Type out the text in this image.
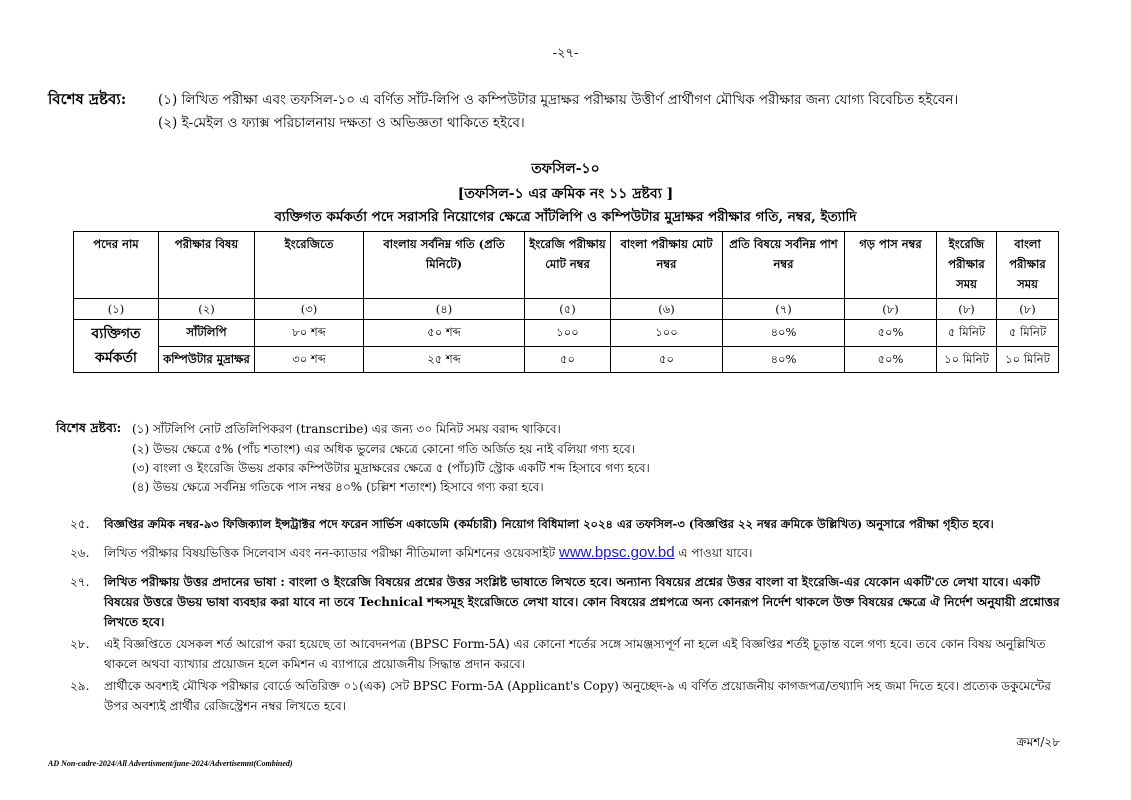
-২৭-
বিশেষ দ্রষ্টব্য: (১) লিখিত পরীক্ষা এবং তফসিল-১০ এ বর্ণিত সাঁট-লিপি ও কম্পিউটার মুদ্রাক্ষর পরীক্ষায় উত্তীর্ণ প্রার্থীগণ মৌখিক পরীক্ষার জন্য যোগ্য বিবেচিত হইবেন।
(২) ই-মেইল ও ফ্যাক্স পরিচালনায় দক্ষতা ও অভিজ্ঞতা থাকিতে হইবে।
তফসিল-১০
[তফসিল-১ এর ক্রমিক নং ১১ দ্রষ্টব্য ]
ব্যক্তিগত কর্মকর্তা পদে সরাসরি নিয়োগের ক্ষেত্রে সাঁটলিপি ও কম্পিউটার মুদ্রাক্ষর পরীক্ষার গতি, নম্বর, ইত্যাদি
পদের নাম	পরীক্ষার বিষয়	ইংরেজিতে	বাংলায় সর্বনিম্ন গতি (প্রতি মিনিটে)	ইংরেজি পরীক্ষায় মোট নম্বর	বাংলা পরীক্ষায় মোট নম্বর	প্রতি বিষয়ে সর্বনিম্ন পাশ নম্বর	গড় পাস নম্বর	ইংরেজি পরীক্ষার সময়	বাংলা পরীক্ষার সময়
(১)	(২)	(৩)	(৪)	(৫)	(৬)	(৭)	(৮)	(৮)	(৮)
ব্যক্তিগত কর্মকর্তা	সাঁটলিপি	৮০ শব্দ	৫০ শব্দ	১০০	১০০	৪০%	৫০%	৫ মিনিট	৫ মিনিট
	কম্পিউটার মুদ্রাক্ষর	৩০ শব্দ	২৫ শব্দ	৫০	৫০	৪০%	৫০%	১০ মিনিট	১০ মিনিট
বিশেষ দ্রষ্টব্য: (১) সাঁটলিপি নোট প্রতিলিপিকরণ (transcribe) এর জন্য ৩০ মিনিট সময় বরাদ্দ থাকিবে।
(২) উভয় ক্ষেত্রে ৫% (পাঁচ শতাংশ) এর অধিক ভুলের ক্ষেত্রে কোনো গতি অর্জিত হয় নাই বলিয়া গণ্য হবে।
(৩) বাংলা ও ইংরেজি উভয় প্রকার কম্পিউটার মুদ্রাক্ষরের ক্ষেত্রে ৫ (পাঁচ)টি স্ট্রোক একটি শব্দ হিসাবে গণ্য হবে।
(৪) উভয় ক্ষেত্রে সর্বনিম্ন গতিকে পাস নম্বর ৪০% (চল্লিশ শতাংশ) হিসাবে গণ্য করা হবে।
২৫. বিজ্ঞপ্তির ক্রমিক নম্বর-৯৩ ফিজিক্যাল ইন্সট্রাক্টর পদে ফরেন সার্ভিস একাডেমি (কর্মচারী) নিয়োগ বিধিমালা ২০২৪ এর তফসিল-৩ (বিজ্ঞপ্তির ২২ নম্বর ক্রমিকে উল্লিখিত) অনুসারে পরীক্ষা গৃহীত হবে।
২৬. লিখিত পরীক্ষার বিষয়ভিত্তিক সিলেবাস এবং নন-ক্যাডার পরীক্ষা নীতিমালা কমিশনের ওয়েবসাইট www.bpsc.gov.bd এ পাওয়া যাবে।
২৭. লিখিত পরীক্ষায় উত্তর প্রদানের ভাষা : বাংলা ও ইংরেজি বিষয়ের প্রশ্নের উত্তর সংশ্লিষ্ট ভাষাতে লিখতে হবে। অন্যান্য বিষয়ের প্রশ্নের উত্তর বাংলা বা ইংরেজি-এর যেকোন একটি'তে লেখা যাবে। একটি বিষয়ের উত্তরে উভয় ভাষা ব্যবহার করা যাবে না তবে Technical শব্দসমূহ ইংরেজিতে লেখা যাবে। কোন বিষয়ের প্রশ্নপত্রে অন্য কোনরূপ নির্দেশ থাকলে উক্ত বিষয়ের ক্ষেত্রে ঐ নির্দেশ অনুযায়ী প্রশ্নোত্তর লিখতে হবে।
২৮. এই বিজ্ঞপ্তিতে যেসকল শর্ত আরোপ করা হয়েছে তা আবেদনপত্র (BPSC Form-5A) এর কোনো শর্তের সঙ্গে সামঞ্জস্যপূর্ণ না হলে এই বিজ্ঞপ্তির শর্তই চূড়ান্ত বলে গণ্য হবে। তবে কোন বিষয় অনুল্লিখিত থাকলে অথবা ব্যাখ্যার প্রয়োজন হলে কমিশন এ ব্যাপারে প্রয়োজনীয় সিদ্ধান্ত প্রদান করবে।
২৯. প্রার্থীকে অবশ্যই মৌখিক পরীক্ষার বোর্ডে অতিরিক্ত ০১(এক) সেট BPSC Form-5A (Applicant's Copy) অনুচ্ছেদ-৯ এ বর্ণিত প্রয়োজনীয় কাগজপত্র/তথ্যাদি সহ জমা দিতে হবে। প্রত্যেক ডকুমেন্টের উপর অবশ্যই প্রার্থীর রেজিস্ট্রেশন নম্বর লিখতে হবে।
ক্রমশ/২৮
AD Non-cadre-2024/All Advertisment/june-2024/Advertisemnt(Combined)
